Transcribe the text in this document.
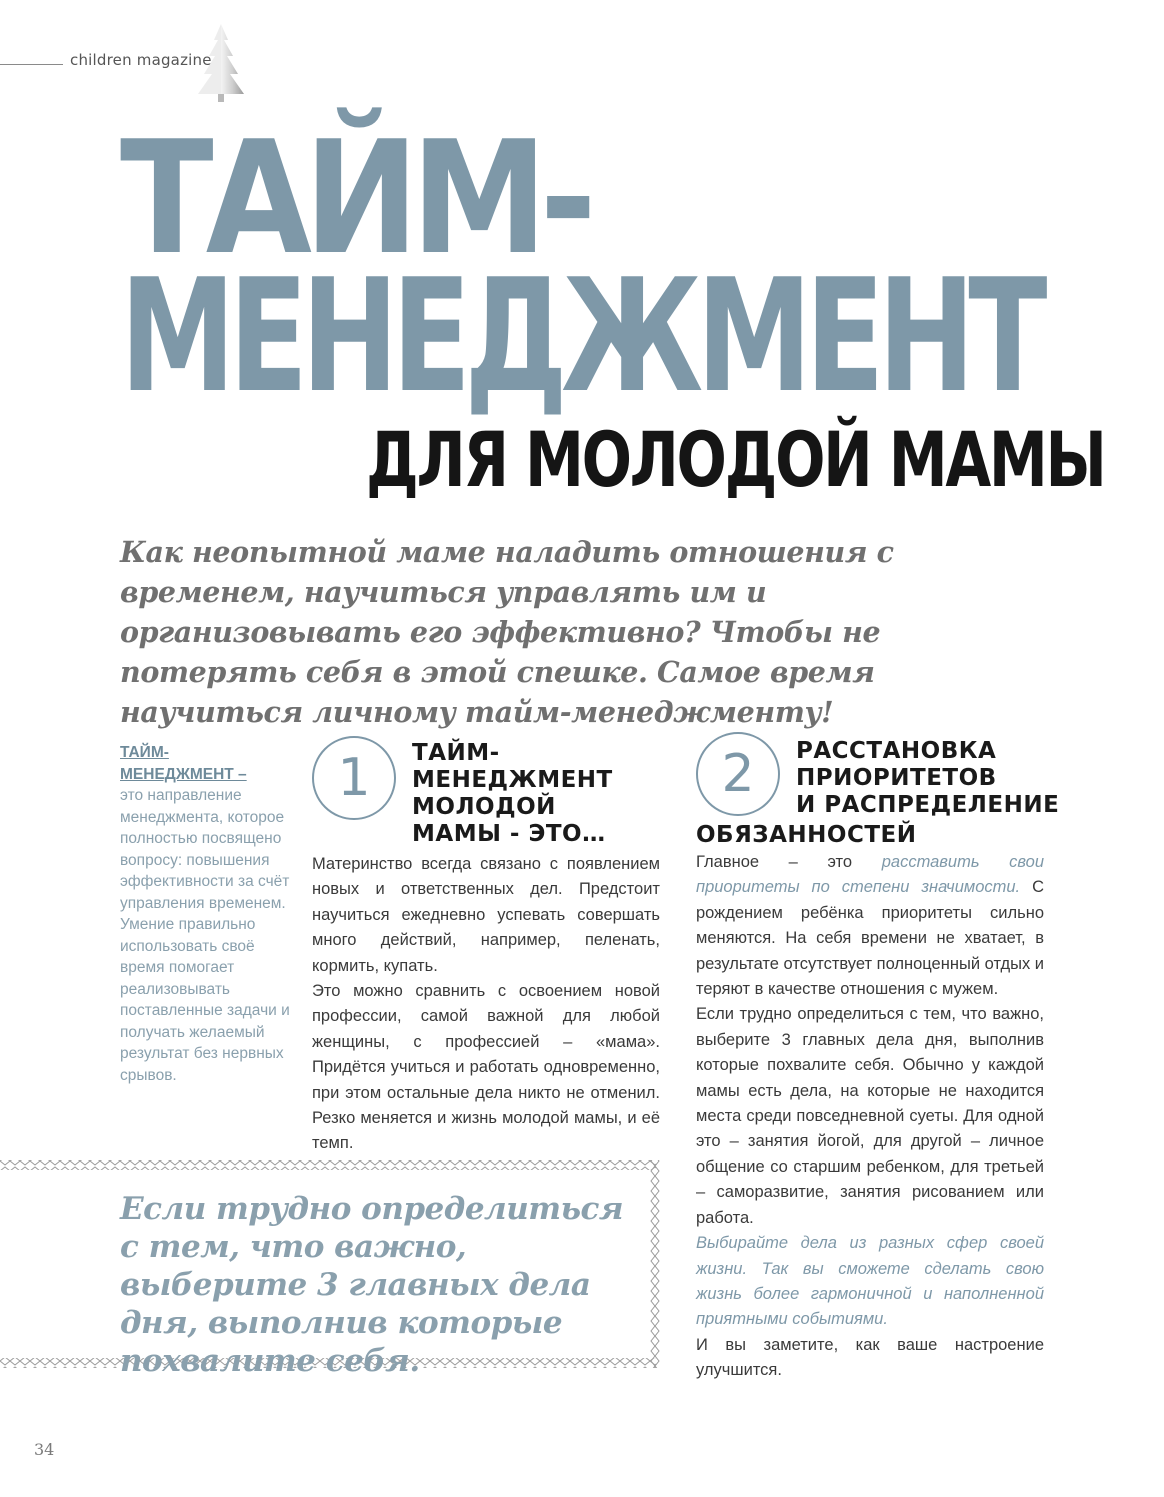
children magazine
ТАЙМ-
МЕНЕДЖМЕНТ
ДЛЯ МОЛОДОЙ МАМЫ
Как неопытной маме наладить отношения с временем, научиться управлять им и организовывать его эффективно? Чтобы не потерять себя в этой спешке. Самое время научиться личному тайм-менеджменту!
ТАЙМ-
МЕНЕДЖМЕНТ –
это направление менеджмента, которое полностью посвящено вопросу: повышения эффективности за счёт управления временем. Умение правильно использовать своё время помогает реализовывать поставленные задачи и получать желаемый результат без нервных срывов.
1	ТАЙМ-
МЕНЕДЖМЕНТ
МОЛОДОЙ
МАМЫ - ЭТО…

Материнство всегда связано с появлением новых и ответственных дел. Предстоит научиться ежедневно успевать совершать много действий, например, пеленать, кормить, купать.

Это можно сравнить с освоением новой профессии, самой важной для любой женщины, с профессией – «мама». Придётся учиться и работать одновременно, при этом остальные дела никто не отменил. Резко меняется и жизнь молодой мамы, и её темп.

2	РАССТАНОВКА
ПРИОРИТЕТОВ
И РАСПРЕДЕЛЕНИЕ
ОБЯЗАННОСТЕЙ

Главное – это расставить свои приоритеты по степени значимости. С рождением ребёнка приоритеты сильно меняются. На себя времени не хватает, в результате отсутствует полноценный отдых и теряют в качестве отношения с мужем.

Если трудно определиться с тем, что важно, выберите 3 главных дела дня, выполнив которые похвалите себя. Обычно у каждой мамы есть дела, на которые не находится места среди повседневной суеты. Для одной это – занятия йогой, для другой – личное общение со старшим ребенком, для третьей – саморазвитие, занятия рисованием или работа.

Выбирайте дела из разных сфер своей жизни. Так вы сможете сделать свою жизнь более гармоничной и наполненной приятными событиями.

И вы заметите, как ваше настроение улучшится.

Если трудно определиться с тем, что важно, выберите 3 главных дела дня, выполнив которые похвалите себя.
34
